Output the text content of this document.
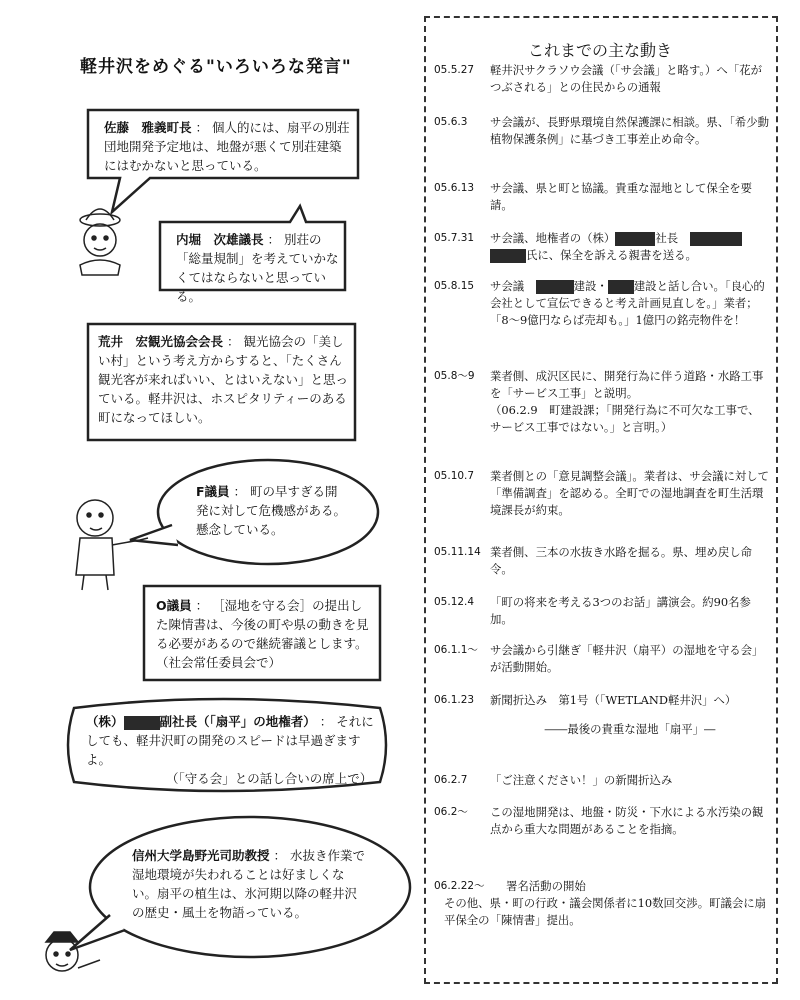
軽井沢をめぐる"いろいろな発言"
佐藤　雅義町長 ： 個人的には、扇平の別荘団地開発予定地は、地盤が悪くて別荘建築にはむかないと思っている。
内堀　次雄議長 ： 別荘の「総量規制」を考えていかなくてはならないと思っている。
荒井　宏観光協会会長 ： 観光協会の「美しい村」という考え方からすると、「たくさん観光客が来ればいい、とはいえない」と思っている。軽井沢は、ホスピタリティーのある町になってほしい。
F議員 ： 町の早すぎる開発に対して危機感がある。懸念している。
O議員 ： ［湿地を守る会］の提出した陳情書は、今後の町や県の動きを見る必要があるので継続審議とします。（社会常任委員会で）
（株）	副社長（「扇平」の地権者） ： それにしても、軽井沢町の開発のスピードは早過ぎますよ。
（「守る会」との話し合いの席上で）
信州大学島野光司助教授 ： 水抜き作業で湿地環境が失われることは好ましくない。扇平の植生は、氷河期以降の軽井沢の歴史・風土を物語っている。
これまでの主な動き
05.5.27	軽井沢サクラソウ会議（「サ会議」と略す。）へ「花がつぶされる」との住民からの通報
05.6.3	サ会議が、長野県環境自然保護課に相談。県、「希少動植物保護条例」に基づき工事差止め命令。
05.6.13	サ会議、県と町と協議。貴重な湿地として保全を要請。
05.7.31	サ会議、地権者の（株）	社長　
氏に、保全を訴える親書を送る。
05.8.15	サ会議　	建設・ 建設と話し合い。「良心的会社として宣伝できると考え計画見直しを。」業者；「8～9億円ならば売却も。」1億円の銘売物件を！
05.8～9	業者側、成沢区民に、開発行為に伴う道路・水路工事を「サービス工事」と説明。
（06.2.9　町建設課；「開発行為に不可欠な工事で、　サービス工事ではない。」と言明。）
05.10.7	業者側との「意見調整会議」。業者は、サ会議に対して「準備調査」を認める。全町での湿地調査を町生活環境課長が約束。
05.11.14 業者側、三本の水抜き水路を掘る。県、埋め戻し命令。
05.12.4	「町の将来を考える3つのお話」講演会。約90名参加。
06.1.1～	サ会議から引継ぎ「軽井沢（扇平）の湿地を守る会」が活動開始。
06.1.23	新聞折込み　第1号（「WETLAND軽井沢」へ）
――最後の貴重な湿地「扇平」―
06.2.7	「ご注意ください！」の新聞折込み
06.2～	この湿地開発は、地盤・防災・下水による水汚染の観点から重大な問題があることを指摘。
06.2.22～	署名活動の開始
その他、県・町の行政・議会関係者に10数回交渉。町議会に扇平保全の「陳情書」提出。
